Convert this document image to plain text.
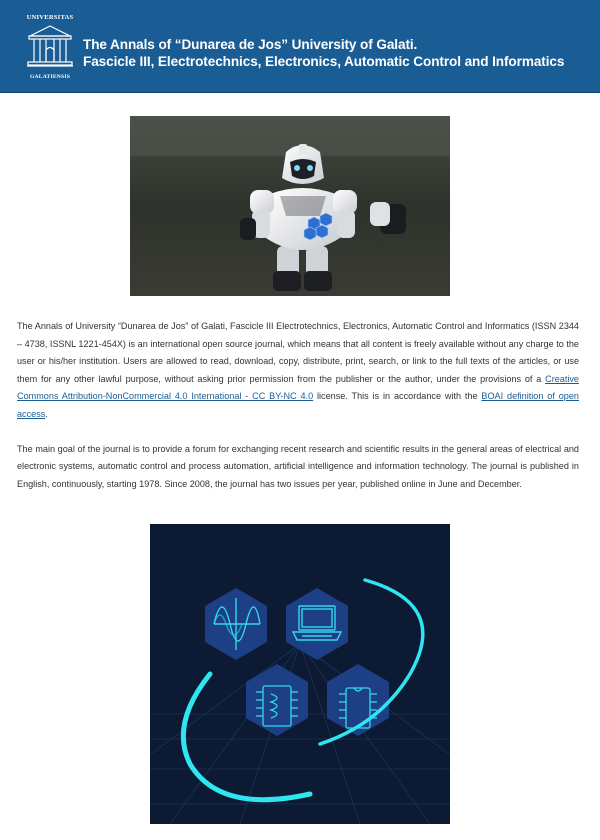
UNIVERSITAS
GALATIENSIS
The Annals of “Dunarea de Jos” University of Galati.
Fascicle III, Electrotechnics, Electronics, Automatic Control and Informatics

The Annals of University “Dunarea de Jos” of Galati, Fascicle III Electrotechnics, Electronics, Automatic Control and Informatics (ISSN 2344 – 4738, ISSNL 1221-454X) is an international open source journal, which means that all content is freely available without any charge to the user or his/her institution. Users are allowed to read, download, copy, distribute, print, search, or link to the full texts of the articles, or use them for any other lawful purpose, without asking prior permission from the publisher or the author, under the provisions of a Creative Commons Attribution-NonCommercial 4.0 International - CC BY-NC 4.0 license. This is in accordance with the BOAI definition of open access.

The main goal of the journal is to provide a forum for exchanging recent research and scientific results in the general areas of electrical and electronic systems, automatic control and process automation, artificial intelligence and information technology. The journal is published in English, continuously, starting 1978. Since 2008, the journal has two issues per year, published online in June and December.
